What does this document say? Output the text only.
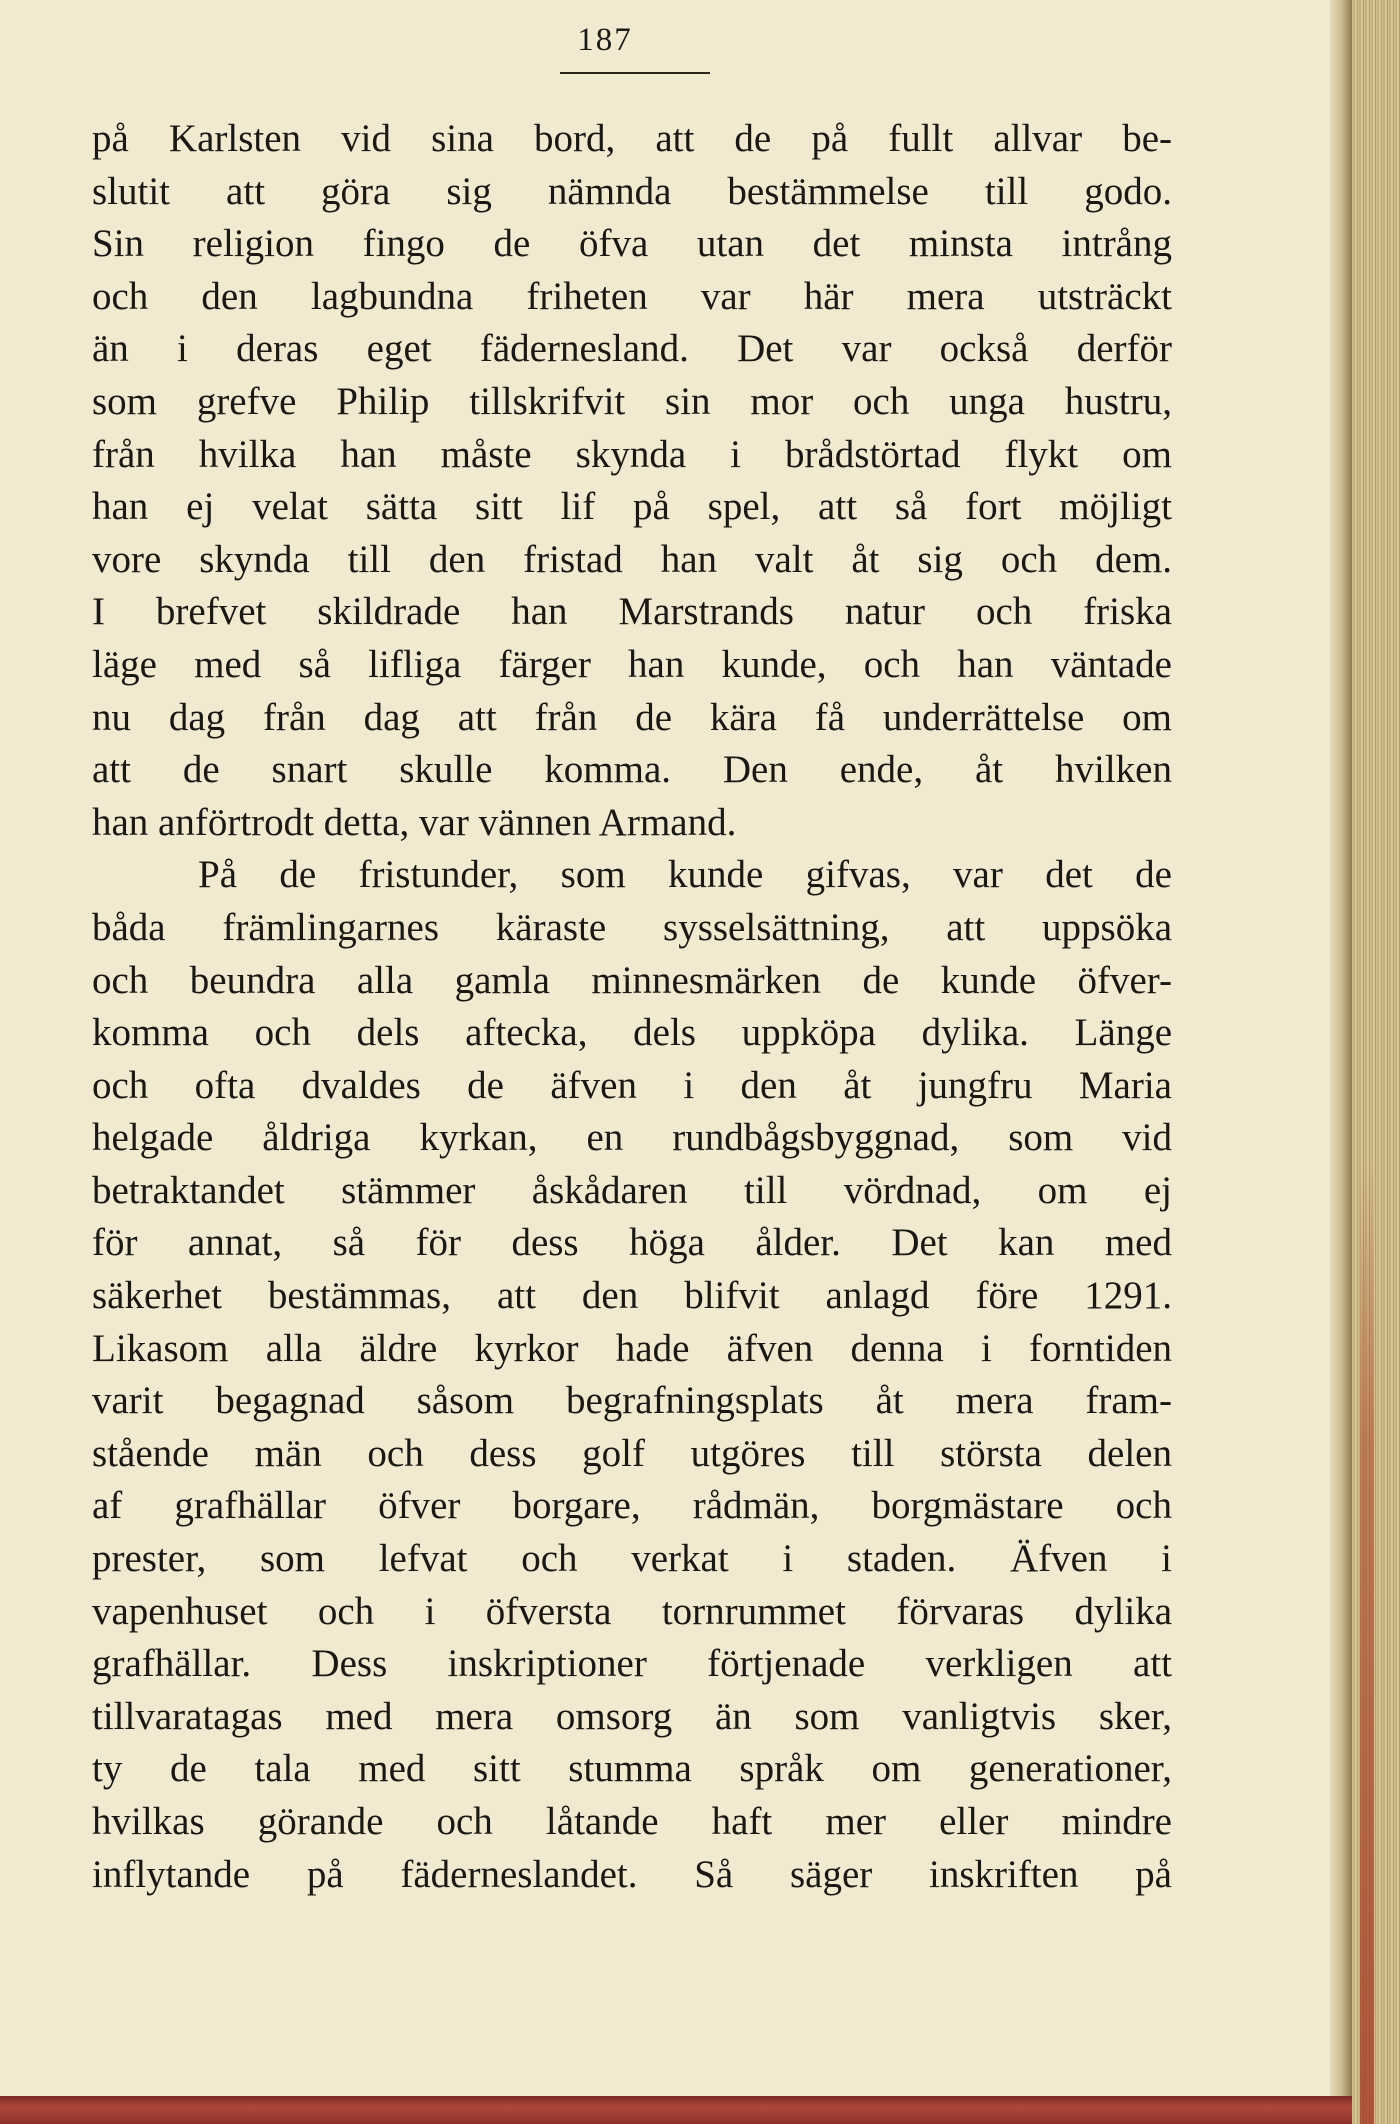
187
på Karlsten vid sina bord, att de på fullt allvar be-
slutit att göra sig nämnda bestämmelse till godo.
Sin religion fingo de öfva utan det minsta intrång
och den lagbundna friheten var här mera utsträckt
än i deras eget fädernesland. Det var också derför
som grefve Philip tillskrifvit sin mor och unga hustru,
från hvilka han måste skynda i brådstörtad flykt om
han ej velat sätta sitt lif på spel, att så fort möjligt
vore skynda till den fristad han valt åt sig och dem.
I brefvet skildrade han Marstrands natur och friska
läge med så lifliga färger han kunde, och han väntade
nu dag från dag att från de kära få underrättelse om
att de snart skulle komma. Den ende, åt hvilken
han anförtrodt detta, var vännen Armand.
På de fristunder, som kunde gifvas, var det de
båda främlingarnes käraste sysselsättning, att uppsöka
och beundra alla gamla minnesmärken de kunde öfver-
komma och dels aftecka, dels uppköpa dylika. Länge
och ofta dvaldes de äfven i den åt jungfru Maria
helgade åldriga kyrkan, en rundbågsbyggnad, som vid
betraktandet stämmer åskådaren till vördnad, om ej
för annat, så för dess höga ålder. Det kan med
säkerhet bestämmas, att den blifvit anlagd före 1291.
Likasom alla äldre kyrkor hade äfven denna i forntiden
varit begagnad såsom begrafningsplats åt mera fram-
stående män och dess golf utgöres till största delen
af grafhällar öfver borgare, rådmän, borgmästare och
prester, som lefvat och verkat i staden. Äfven i
vapenhuset och i öfversta tornrummet förvaras dylika
grafhällar. Dess inskriptioner förtjenade verkligen att
tillvaratagas med mera omsorg än som vanligtvis sker,
ty de tala med sitt stumma språk om generationer,
hvilkas görande och låtande haft mer eller mindre
inflytande på fäderneslandet. Så säger inskriften på
